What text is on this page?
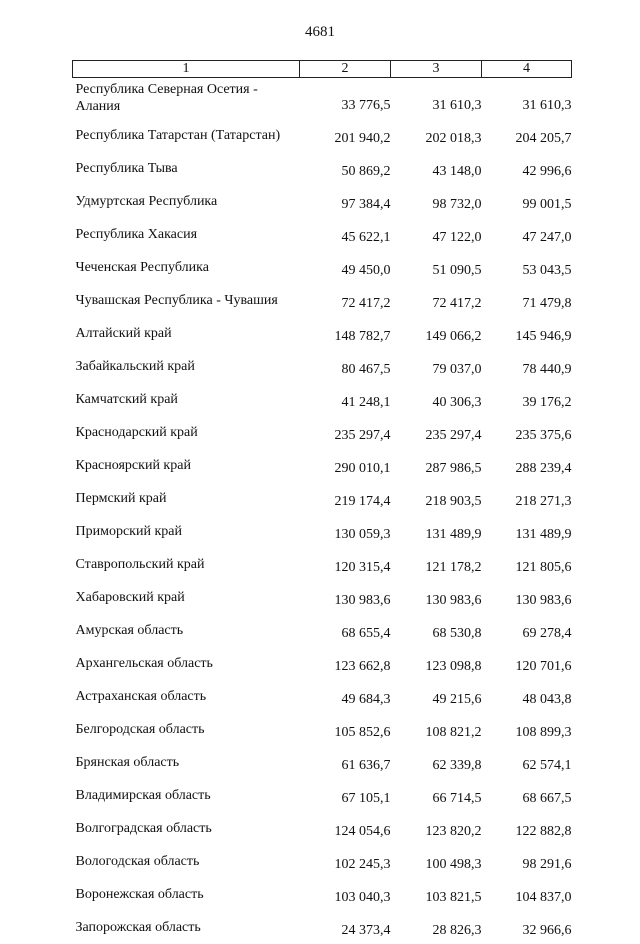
4681
1	2	3	4

Республика Северная Осетия -
Алания	33 776,5	31 610,3	31 610,3

Республика Татарстан (Татарстан)	201 940,2	202 018,3	204 205,7

Республика Тыва	50 869,2	43 148,0	42 996,6

Удмуртская Республика	97 384,4	98 732,0	99 001,5

Республика Хакасия	45 622,1	47 122,0	47 247,0

Чеченская Республика	49 450,0	51 090,5	53 043,5

Чувашская Республика - Чувашия	72 417,2	72 417,2	71 479,8

Алтайский край	148 782,7	149 066,2	145 946,9

Забайкальский край	80 467,5	79 037,0	78 440,9

Камчатский край	41 248,1	40 306,3	39 176,2

Краснодарский край	235 297,4	235 297,4	235 375,6

Красноярский край	290 010,1	287 986,5	288 239,4

Пермский край	219 174,4	218 903,5	218 271,3

Приморский край	130 059,3	131 489,9	131 489,9

Ставропольский край	120 315,4	121 178,2	121 805,6

Хабаровский край	130 983,6	130 983,6	130 983,6

Амурская область	68 655,4	68 530,8	69 278,4

Архангельская область	123 662,8	123 098,8	120 701,6

Астраханская область	49 684,3	49 215,6	48 043,8

Белгородская область	105 852,6	108 821,2	108 899,3

Брянская область	61 636,7	62 339,8	62 574,1

Владимирская область	67 105,1	66 714,5	68 667,5

Волгоградская область	124 054,6	123 820,2	122 882,8

Вологодская область	102 245,3	100 498,3	98 291,6

Воронежская область	103 040,3	103 821,5	104 837,0

Запорожская область	24 373,4	28 826,3	32 966,6
